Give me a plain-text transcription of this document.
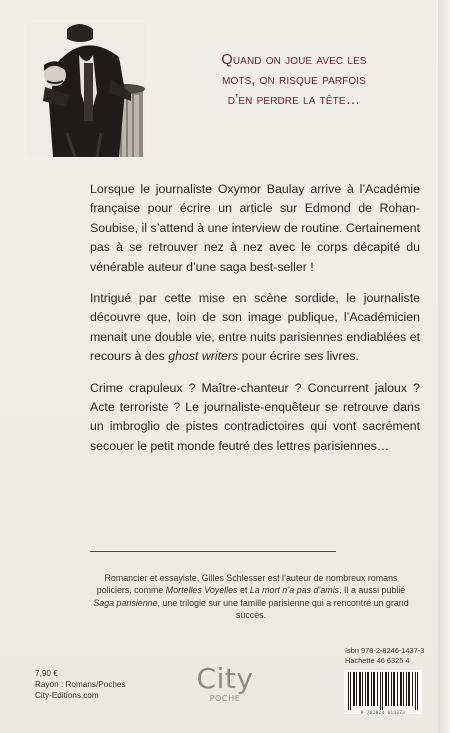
Quand on joue avec les
mots, on risque parfois
d’en perdre la tête…

Lorsque le journaliste Oxymor Baulay arrive à l’Académie française pour écrire un article sur Edmond de Rohan-Soubise, il s’attend à une interview de routine. Certainement pas à se retrouver nez à nez avec le corps décapité du vénérable auteur d’une saga best-seller !

Intrigué par cette mise en scène sordide, le journaliste découvre que, loin de son image publique, l’Académicien menait une double vie, entre nuits parisiennes endiablées et recours à des ghost writers pour écrire ses livres.

Crime crapuleux ? Maître-chanteur ? Concurrent jaloux ? Acte terroriste ? Le journaliste-enquêteur se retrouve dans un imbroglio de pistes contradictoires qui vont sacrément secouer le petit monde feutré des lettres parisiennes…

Romancier et essayiste, Gilles Schlesser est l’auteur de nombreux romans policiers, comme Mortelles Voyelles et La mort n’a pas d’amis. Il a aussi publié Saga parisienne, une trilogie sur une famille parisienne qui a rencontré un grand succès.
7,90 €
Rayon : Romans/Poches
City-Editions.com
City
POCHE
Isbn 978-2-8246-1437-3
Hachette 46 6325 4
9 782824 614373
